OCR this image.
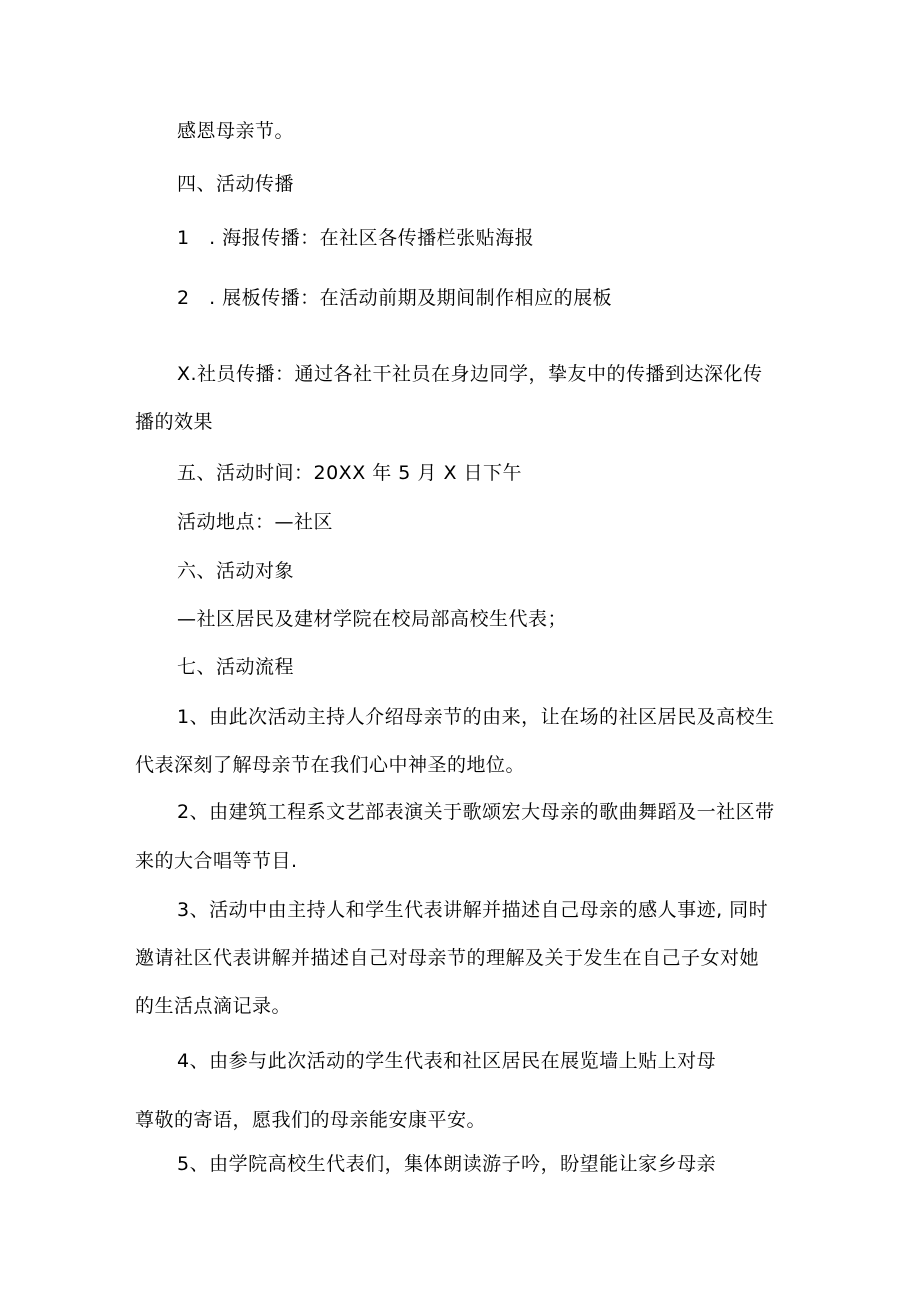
感恩母亲节。
四、活动传播
1　. 海报传播：在社区各传播栏张贴海报
2　. 展板传播：在活动前期及期间制作相应的展板
X.社员传播：通过各社干社员在身边同学，挚友中的传播到达深化传
播的效果
五、活动时间：20XX 年 5 月 X 日下午
活动地点：—社区
六、活动对象
—社区居民及建材学院在校局部高校生代表；
七、活动流程
1、由此次活动主持人介绍母亲节的由来，让在场的社区居民及高校生
代表深刻了解母亲节在我们心中神圣的地位。
2、由建筑工程系文艺部表演关于歌颂宏大母亲的歌曲舞蹈及一社区带
来的大合唱等节目.
3、活动中由主持人和学生代表讲解并描述自己母亲的感人事迹, 同时
邀请社区代表讲解并描述自己对母亲节的理解及关于发生在自己子女对她
的生活点滴记录。
4、由参与此次活动的学生代表和社区居民在展览墙上贴上对母
尊敬的寄语，愿我们的母亲能安康平安。
5、由学院高校生代表们，集体朗读游子吟，盼望能让家乡母亲
